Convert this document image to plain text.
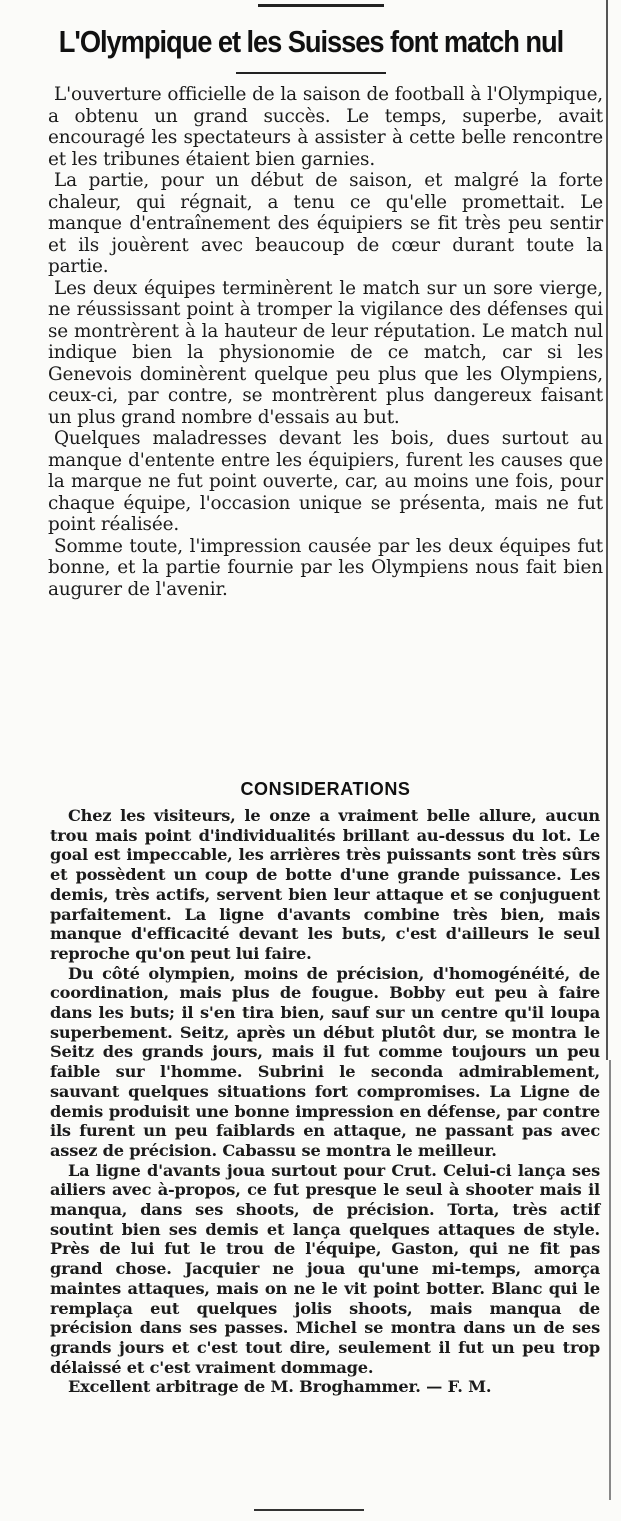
L'Olympique et les Suisses font match nul

L'ouverture officielle de la saison de football à l'Olympique, a obtenu un grand succès. Le temps, superbe, avait encouragé les spectateurs à assister à cette belle rencontre et les tribunes étaient bien garnies.

La partie, pour un début de saison, et malgré la forte chaleur, qui régnait, a tenu ce qu'elle promettait. Le manque d'entraînement des équipiers se fit très peu sentir et ils jouèrent avec beaucoup de cœur durant toute la partie.

Les deux équipes terminèrent le match sur un sore vierge, ne réussissant point à tromper la vigilance des défenses qui se montrèrent à la hauteur de leur réputation. Le match nul indique bien la physionomie de ce match, car si les Genevois dominèrent quelque peu plus que les Olympiens, ceux-ci, par contre, se montrèrent plus dangereux faisant un plus grand nombre d'essais au but.

Quelques maladresses devant les bois, dues surtout au manque d'entente entre les équipiers, furent les causes que la marque ne fut point ouverte, car, au moins une fois, pour chaque équipe, l'occasion unique se présenta, mais ne fut point réalisée.

Somme toute, l'impression causée par les deux équipes fut bonne, et la partie fournie par les Olympiens nous fait bien augurer de l'avenir.

CONSIDERATIONS

Chez les visiteurs, le onze a vraiment belle allure, aucun trou mais point d'individualités brillant au-dessus du lot. Le goal est impeccable, les arrières très puissants sont très sûrs et possèdent un coup de botte d'une grande puissance. Les demis, très actifs, servent bien leur attaque et se conjuguent parfaitement. La ligne d'avants combine très bien, mais manque d'efficacité devant les buts, c'est d'ailleurs le seul reproche qu'on peut lui faire.

Du côté olympien, moins de précision, d'homogénéité, de coordination, mais plus de fougue. Bobby eut peu à faire dans les buts; il s'en tira bien, sauf sur un centre qu'il loupa superbement. Seitz, après un début plutôt dur, se montra le Seitz des grands jours, mais il fut comme toujours un peu faible sur l'homme. Subrini le seconda admirablement, sauvant quelques situations fort compromises. La Ligne de demis produisit une bonne impression en défense, par contre ils furent un peu faiblards en attaque, ne passant pas avec assez de précision. Cabassu se montra le meilleur.

La ligne d'avants joua surtout pour Crut. Celui-ci lança ses ailiers avec à-propos, ce fut presque le seul à shooter mais il manqua, dans ses shoots, de précision. Torta, très actif soutint bien ses demis et lança quelques attaques de style. Près de lui fut le trou de l'équipe, Gaston, qui ne fit pas grand chose. Jacquier ne joua qu'une mi-temps, amorça maintes attaques, mais on ne le vit point botter. Blanc qui le remplaça eut quelques jolis shoots, mais manqua de précision dans ses passes. Michel se montra dans un de ses grands jours et c'est tout dire, seulement il fut un peu trop délaissé et c'est vraiment dommage.

Excellent arbitrage de M. Broghammer. — F. M.
